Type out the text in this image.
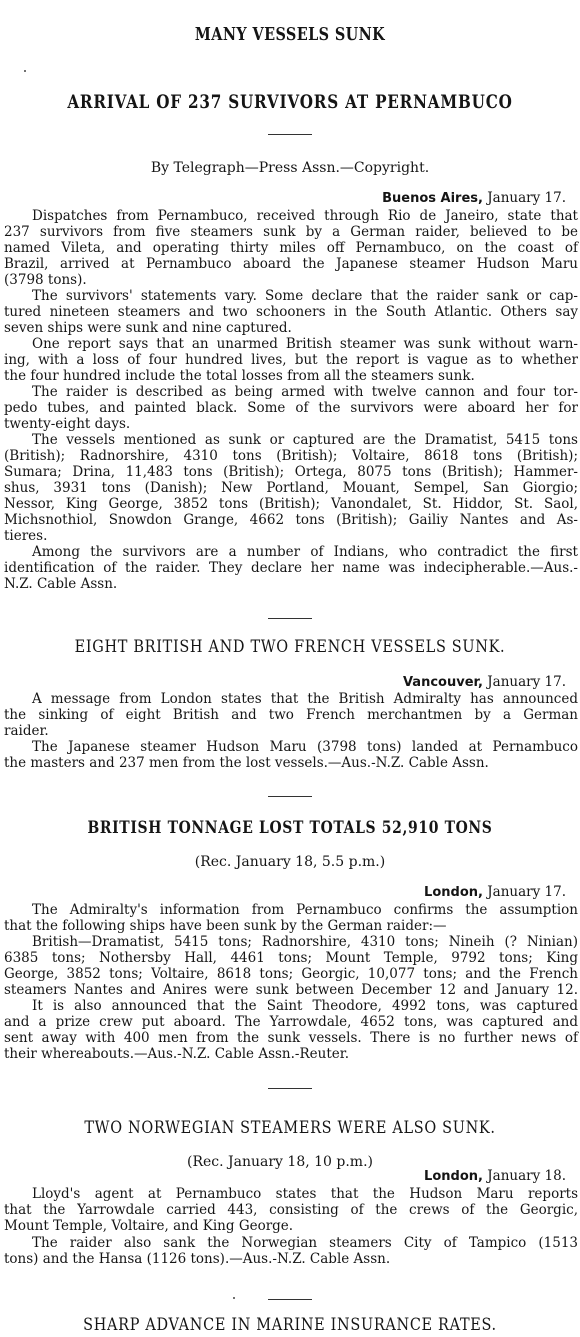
MANY VESSELS SUNK
ARRIVAL OF 237 SURVIVORS AT PERNAMBUCO
By Telegraph—Press Assn.—Copyright.
Buenos Aires, January 17.
Dispatches from Pernambuco, received through Rio de Janeiro, state that
237 survivors from five steamers sunk by a German raider, believed to be
named Vileta, and operating thirty miles off Pernambuco, on the coast of
Brazil, arrived at Pernambuco aboard the Japanese steamer Hudson Maru
(3798 tons).
The survivors' statements vary. Some declare that the raider sank or cap-
tured nineteen steamers and two schooners in the South Atlantic. Others say
seven ships were sunk and nine captured.
One report says that an unarmed British steamer was sunk without warn-
ing, with a loss of four hundred lives, but the report is vague as to whether
the four hundred include the total losses from all the steamers sunk.
The raider is described as being armed with twelve cannon and four tor-
pedo tubes, and painted black. Some of the survivors were aboard her for
twenty-eight days.
The vessels mentioned as sunk or captured are the Dramatist, 5415 tons
(British); Radnorshire, 4310 tons (British); Voltaire, 8618 tons (British);
Sumara; Drina, 11,483 tons (British); Ortega, 8075 tons (British); Hammer-
shus, 3931 tons (Danish); New Portland, Mouant, Sempel, San Giorgio;
Nessor, King George, 3852 tons (British); Vanondalet, St. Hiddor, St. Saol,
Michsnothiol, Snowdon Grange, 4662 tons (British); Gailiy Nantes and As-
tieres.
Among the survivors are a number of Indians, who contradict the first
identification of the raider. They declare her name was indecipherable.—Aus.-
N.Z. Cable Assn.
EIGHT BRITISH AND TWO FRENCH VESSELS SUNK.
Vancouver, January 17.
A message from London states that the British Admiralty has announced
the sinking of eight British and two French merchantmen by a German
raider.
The Japanese steamer Hudson Maru (3798 tons) landed at Pernambuco
the masters and 237 men from the lost vessels.—Aus.-N.Z. Cable Assn.
BRITISH TONNAGE LOST TOTALS 52,910 TONS
(Rec. January 18, 5.5 p.m.)
London, January 17.
The Admiralty's information from Pernambuco confirms the assumption
that the following ships have been sunk by the German raider:—
British—Dramatist, 5415 tons; Radnorshire, 4310 tons; Nineih (? Ninian)
6385 tons; Nothersby Hall, 4461 tons; Mount Temple, 9792 tons; King
George, 3852 tons; Voltaire, 8618 tons; Georgic, 10,077 tons; and the French
steamers Nantes and Anires were sunk between December 12 and January 12.
It is also announced that the Saint Theodore, 4992 tons, was captured
and a prize crew put aboard. The Yarrowdale, 4652 tons, was captured and
sent away with 400 men from the sunk vessels. There is no further news of
their whereabouts.—Aus.-N.Z. Cable Assn.-Reuter.
TWO NORWEGIAN STEAMERS WERE ALSO SUNK.
(Rec. January 18, 10 p.m.)
London, January 18.
Lloyd's agent at Pernambuco states that the Hudson Maru reports
that the Yarrowdale carried 443, consisting of the crews of the Georgic,
Mount Temple, Voltaire, and King George.
The raider also sank the Norwegian steamers City of Tampico (1513
tons) and the Hansa (1126 tons).—Aus.-N.Z. Cable Assn.
SHARP ADVANCE IN MARINE INSURANCE RATES.
